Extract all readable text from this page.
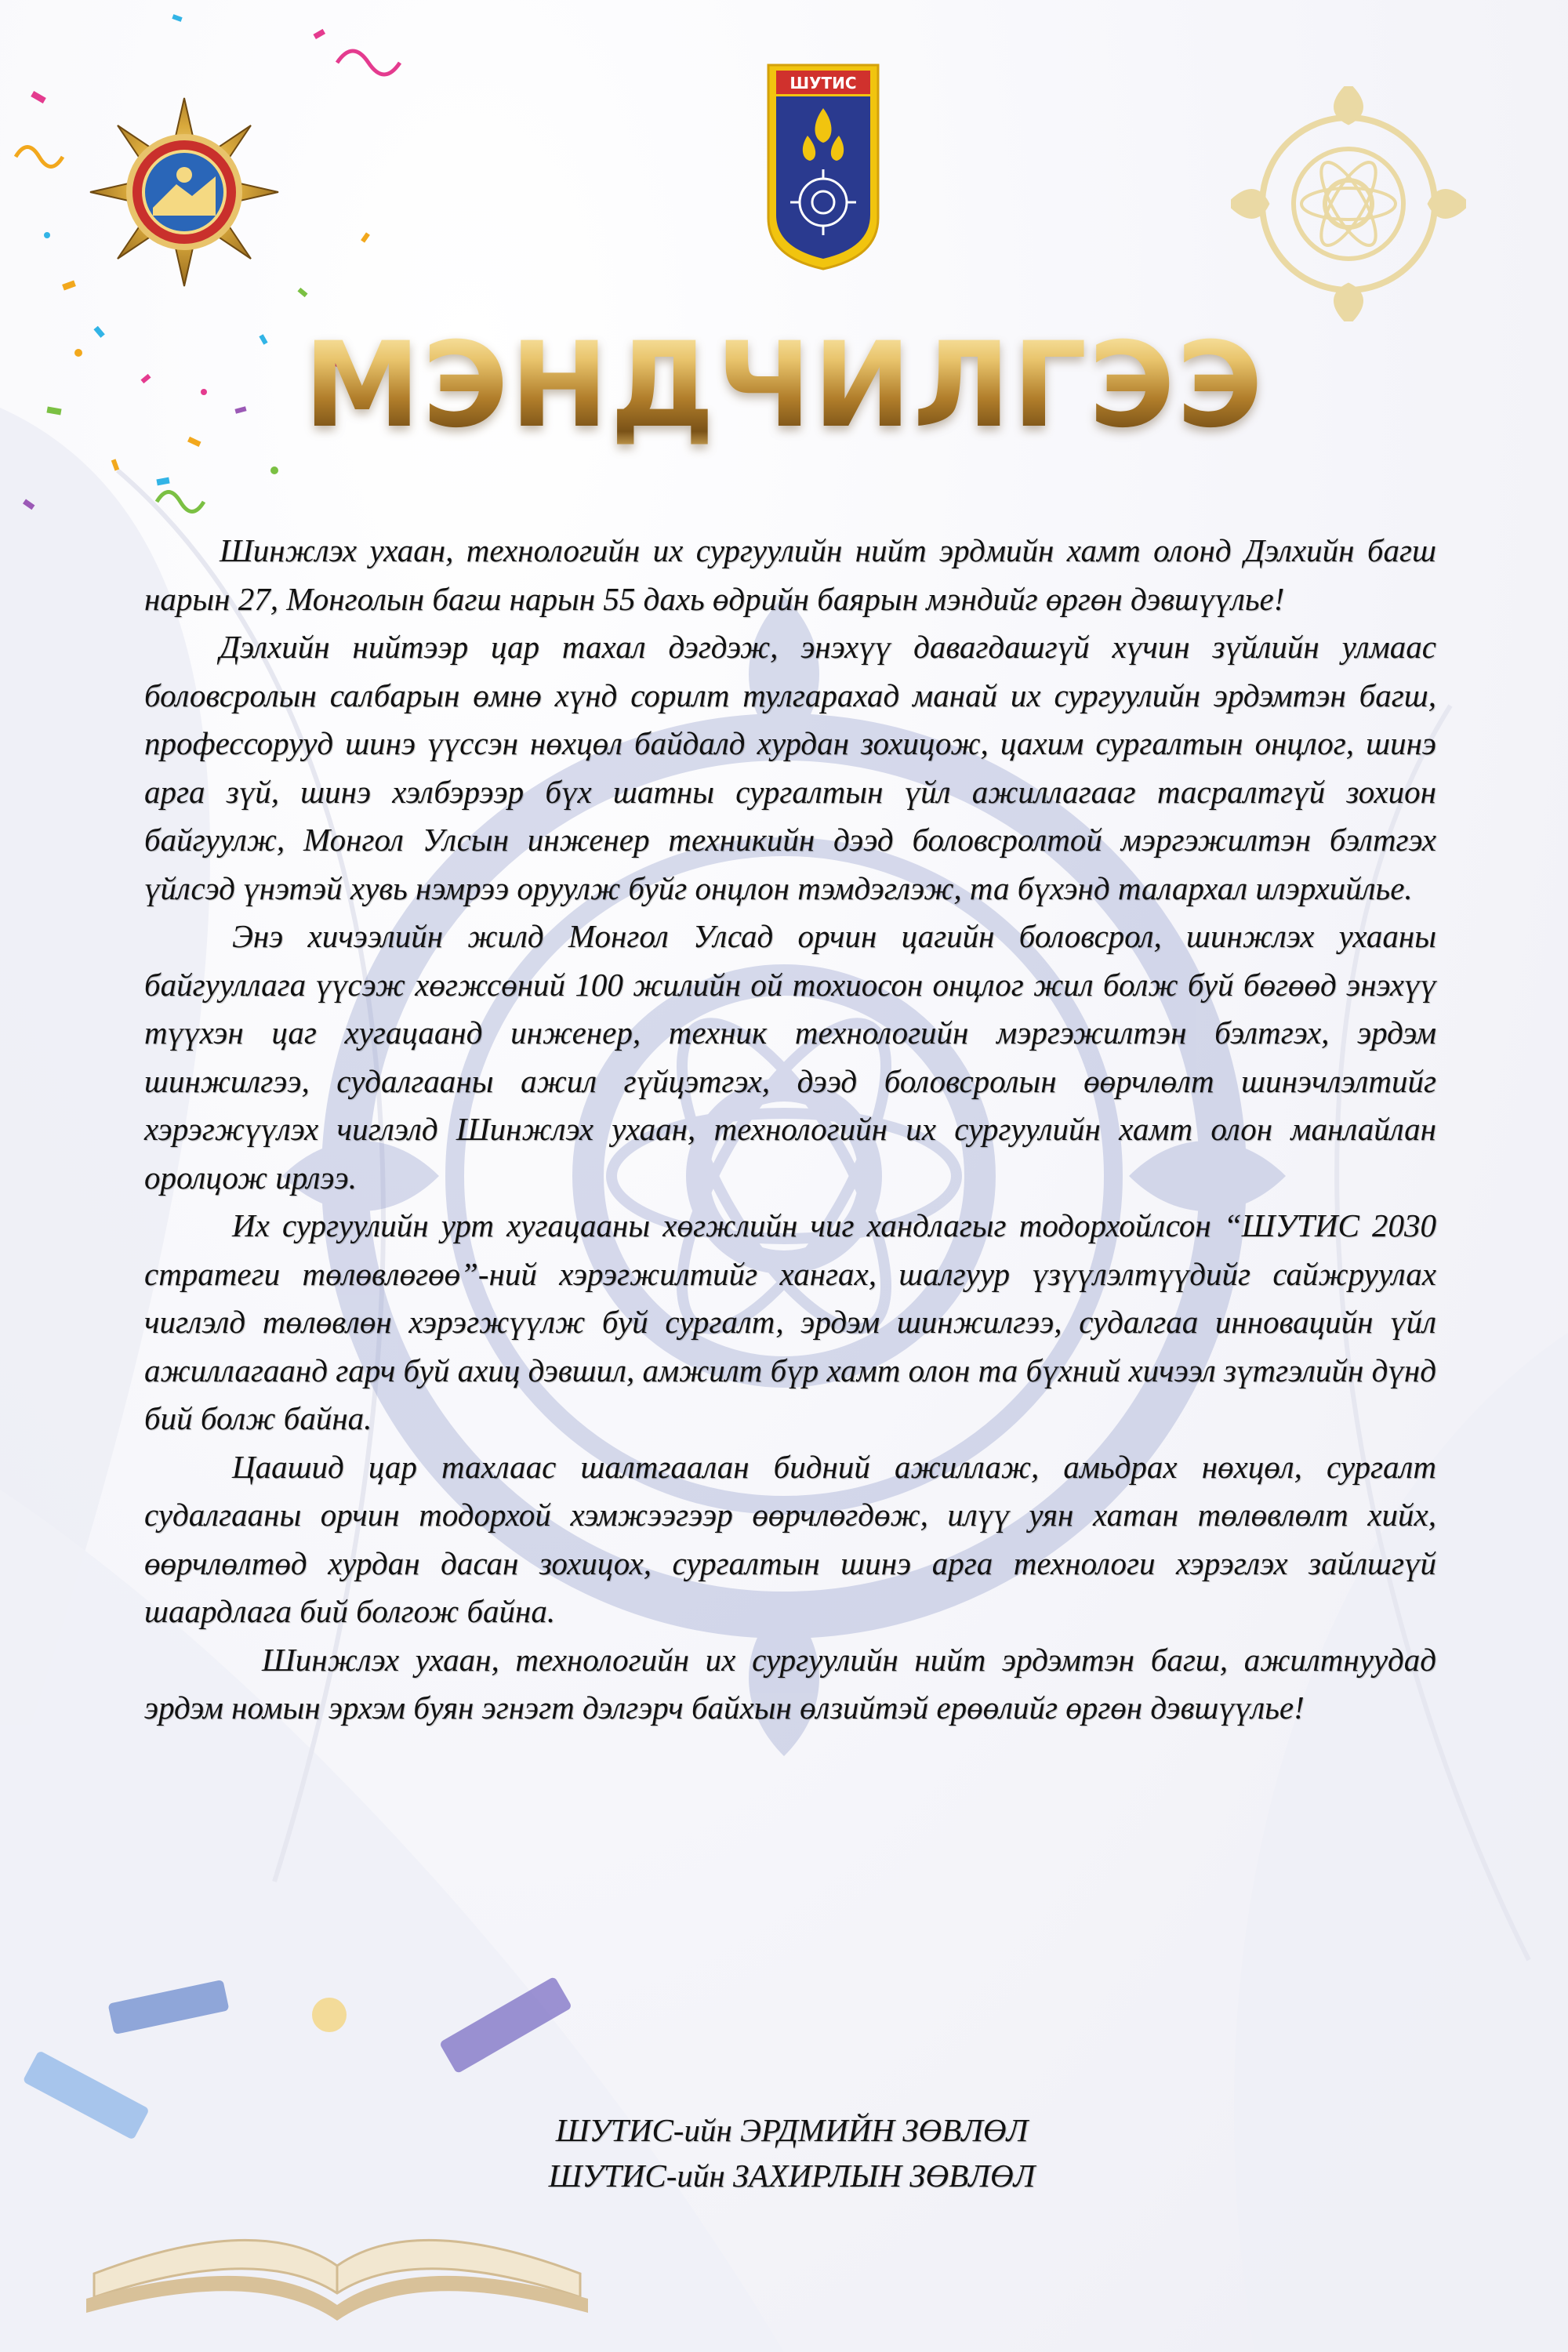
ШУТИС
МЭНДЧИЛГЭЭ

Шинжлэх ухаан, технологийн их сургуулийн нийт эрдмийн хамт олонд Дэлхийн багш нарын 27, Монголын багш нарын 55 дахь өдрийн баярын мэндийг өргөн дэвшүүлье!

Дэлхийн нийтээр цар тахал дэгдэж, энэхүү давагдашгүй хүчин зүйлийн улмаас боловсролын салбарын өмнө хүнд сорилт тулгарахад манай их сургуулийн эрдэмтэн багш, профессорууд шинэ үүссэн нөхцөл байдалд хурдан зохицож, цахим сургалтын онцлог, шинэ арга зүй, шинэ хэлбэрээр бүх шатны сургалтын үйл ажиллагааг тасралтгүй зохион байгуулж, Монгол Улсын инженер техникийн дээд боловсролтой мэргэжилтэн бэлтгэх үйлсэд үнэтэй хувь нэмрээ оруулж буйг онцлон тэмдэглэж, та бүхэнд талархал илэрхийлье.

Энэ хичээлийн жилд Монгол Улсад орчин цагийн боловсрол, шинжлэх ухааны байгууллага үүсэж хөгжсөний 100 жилийн ой тохиосон онцлог жил болж буй бөгөөд энэхүү түүхэн цаг хугацаанд инженер, техник технологийн мэргэжилтэн бэлтгэх, эрдэм шинжилгээ, судалгааны ажил гүйцэтгэх, дээд боловсролын өөрчлөлт шинэчлэлтийг хэрэгжүүлэх чиглэлд Шинжлэх ухаан, технологийн их сургуулийн хамт олон манлайлан оролцож ирлээ.

Их сургуулийн урт хугацааны хөгжлийн чиг хандлагыг тодорхойлсон “ШУТИС 2030 стратеги төлөвлөгөө”-ний хэрэгжилтийг хангах, шалгуур үзүүлэлтүүдийг сайжруулах чиглэлд төлөвлөн хэрэгжүүлж буй сургалт, эрдэм шинжилгээ, судалгаа инновацийн үйл ажиллагаанд гарч буй ахиц дэвшил, амжилт бүр хамт олон та бүхний хичээл зүтгэлийн дүнд бий болж байна.

Цаашид цар тахлаас шалтгаалан бидний ажиллаж, амьдрах нөхцөл, сургалт судалгааны орчин тодорхой хэмжээгээр өөрчлөгдөж, илүү уян хатан төлөвлөлт хийх, өөрчлөлтөд хурдан дасан зохицох, сургалтын шинэ арга технологи хэрэглэх зайлшгүй шаардлага бий болгож байна.

Шинжлэх ухаан, технологийн их сургуулийн нийт эрдэмтэн багш, ажилтнуудад эрдэм номын эрхэм буян эгнэгт дэлгэрч байхын өлзийтэй ерөөлийг өргөн дэвшүүлье!

ШУТИС-ийн ЭРДМИЙН ЗӨВЛӨЛ
ШУТИС-ийн ЗАХИРЛЫН ЗӨВЛӨЛ
